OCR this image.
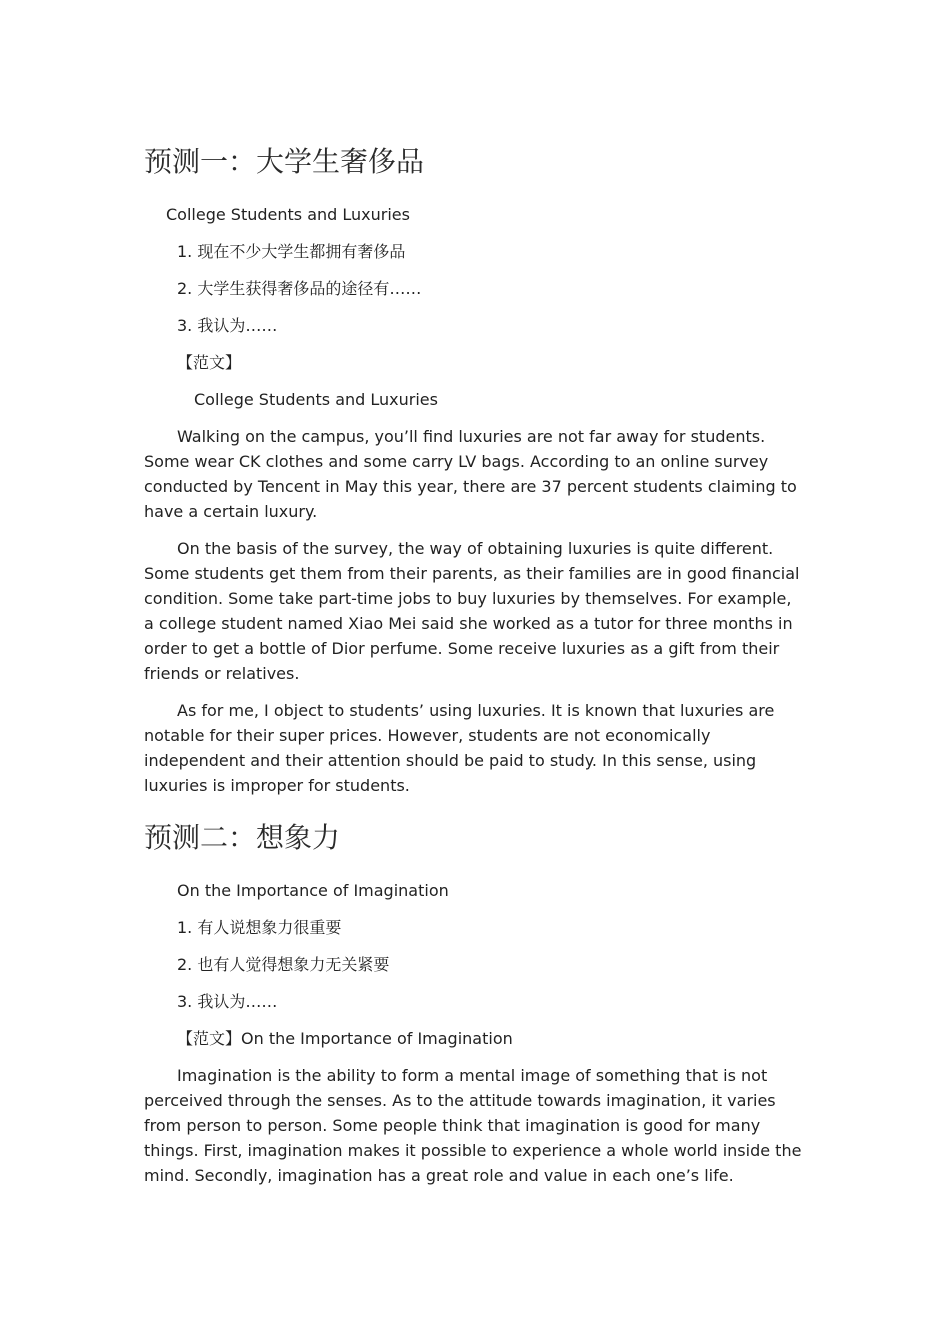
预测一：大学生奢侈品
College Students and Luxuries
1. 现在不少大学生都拥有奢侈品
2. 大学生获得奢侈品的途径有……
3. 我认为……
【范文】
College Students and Luxuries

Walking on the campus, you’ll find luxuries are not far away for students. Some wear CK clothes and some carry LV bags. According to an online survey conducted by Tencent in May this year, there are 37 percent students claiming to have a certain luxury.

On the basis of the survey, the way of obtaining luxuries is quite different. Some students get them from their parents, as their families are in good financial condition. Some take part-time jobs to buy luxuries by themselves. For example, a college student named Xiao Mei said she worked as a tutor for three months in order to get a bottle of Dior perfume. Some receive luxuries as a gift from their friends or relatives.

As for me, I object to students’ using luxuries. It is known that luxuries are notable for their super prices. However, students are not economically independent and their attention should be paid to study. In this sense, using luxuries is improper for students.

预测二：想象力
On the Importance of Imagination
1. 有人说想象力很重要
2. 也有人觉得想象力无关紧要
3. 我认为……
【范文】On the Importance of Imagination

Imagination is the ability to form a mental image of something that is not perceived through the senses. As to the attitude towards imagination, it varies from person to person. Some people think that imagination is good for many things. First, imagination makes it possible to experience a whole world inside the mind. Secondly, imagination has a great role and value in each one’s life.
